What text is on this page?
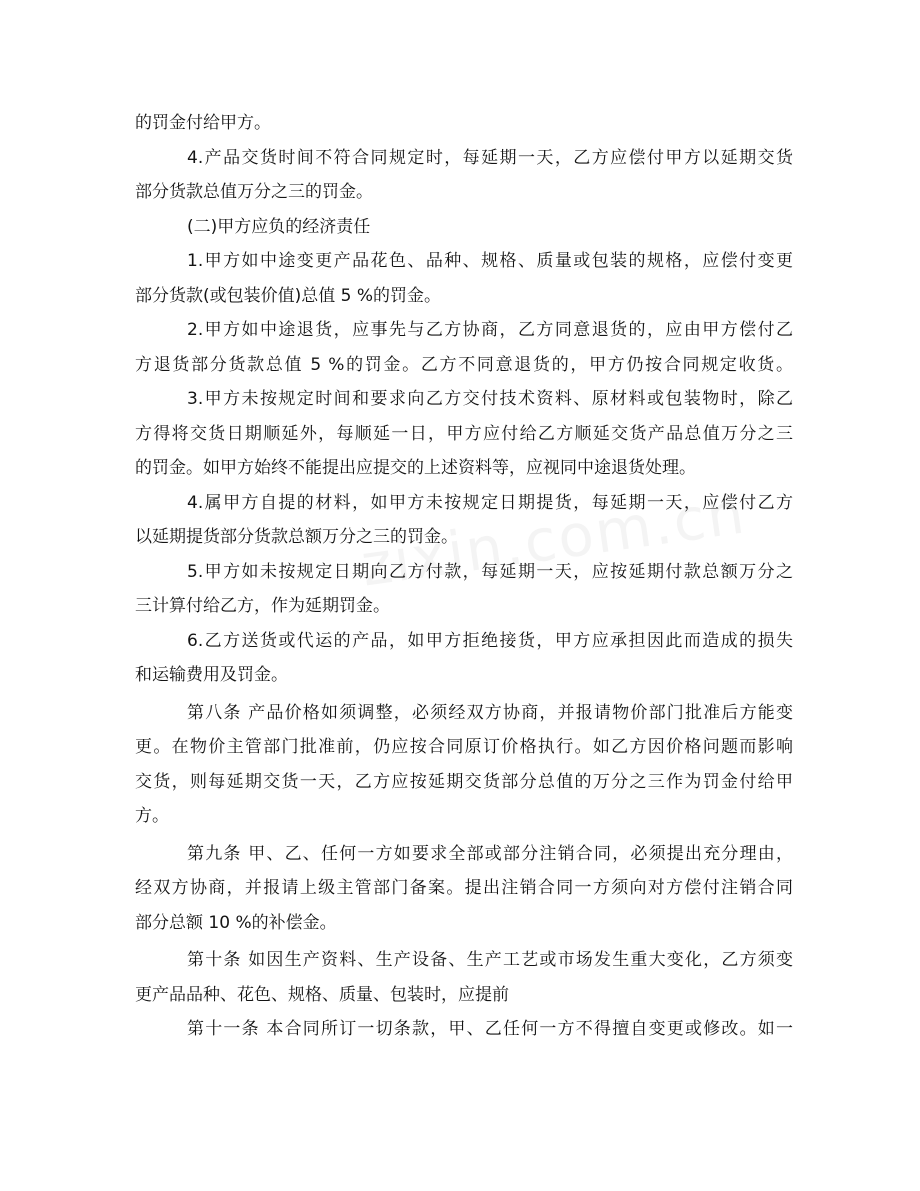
的罚金付给甲方。
4.产品交货时间不符合同规定时，每延期一天，乙方应偿付甲方以延期交货
部分货款总值万分之三的罚金。
(二)甲方应负的经济责任
1.甲方如中途变更产品花色、品种、规格、质量或包装的规格，应偿付变更
部分货款(或包装价值)总值 5 %的罚金。
2.甲方如中途退货，应事先与乙方协商，乙方同意退货的，应由甲方偿付乙
方退货部分货款总值 5 %的罚金。乙方不同意退货的，甲方仍按合同规定收货。
3.甲方未按规定时间和要求向乙方交付技术资料、原材料或包装物时，除乙
方得将交货日期顺延外，每顺延一日，甲方应付给乙方顺延交货产品总值万分之三
的罚金。如甲方始终不能提出应提交的上述资料等，应视同中途退货处理。
4.属甲方自提的材料，如甲方未按规定日期提货，每延期一天，应偿付乙方
以延期提货部分货款总额万分之三的罚金。
5.甲方如未按规定日期向乙方付款，每延期一天，应按延期付款总额万分之
三计算付给乙方，作为延期罚金。
6.乙方送货或代运的产品，如甲方拒绝接货，甲方应承担因此而造成的损失
和运输费用及罚金。
第八条 产品价格如须调整，必须经双方协商，并报请物价部门批准后方能变
更。在物价主管部门批准前，仍应按合同原订价格执行。如乙方因价格问题而影响
交货，则每延期交货一天，乙方应按延期交货部分总值的万分之三作为罚金付给甲
方。
第九条 甲、乙、任何一方如要求全部或部分注销合同，必须提出充分理由，
经双方协商，并报请上级主管部门备案。提出注销合同一方须向对方偿付注销合同
部分总额 10 %的补偿金。
第十条 如因生产资料、生产设备、生产工艺或市场发生重大变化，乙方须变
更产品品种、花色、规格、质量、包装时，应提前
第十一条 本合同所订一切条款，甲、乙任何一方不得擅自变更或修改。如一
